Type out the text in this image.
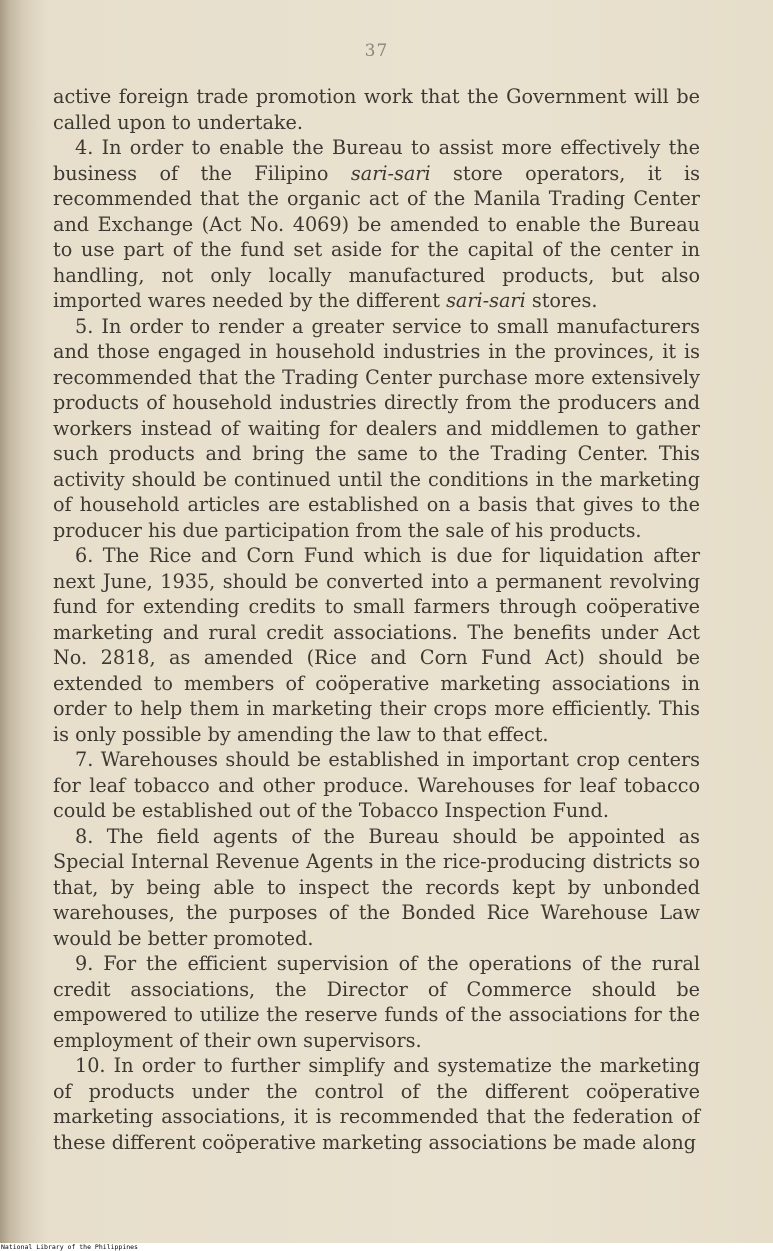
37

active foreign trade promotion work that the Government will be called upon to undertake.

4. In order to enable the Bureau to assist more effectively the business of the Filipino sari-sari store operators, it is recommended that the organic act of the Manila Trading Center and Exchange (Act No. 4069) be amended to enable the Bureau to use part of the fund set aside for the capital of the center in handling, not only locally manufactured products, but also imported wares needed by the different sari-sari stores.

5. In order to render a greater service to small manufacturers and those engaged in household industries in the provinces, it is recommended that the Trading Center purchase more extensively products of household industries directly from the producers and workers instead of waiting for dealers and middlemen to gather such products and bring the same to the Trading Center. This activity should be continued until the conditions in the marketing of household articles are established on a basis that gives to the producer his due participation from the sale of his products.

6. The Rice and Corn Fund which is due for liquidation after next June, 1935, should be converted into a permanent revolving fund for extending credits to small farmers through coöperative marketing and rural credit associations. The benefits under Act No. 2818, as amended (Rice and Corn Fund Act) should be extended to members of coöperative marketing associations in order to help them in marketing their crops more efficiently. This is only possible by amending the law to that effect.

7. Warehouses should be established in important crop centers for leaf tobacco and other produce. Warehouses for leaf tobacco could be established out of the Tobacco Inspection Fund.

8. The field agents of the Bureau should be appointed as Special Internal Revenue Agents in the rice-producing districts so that, by being able to inspect the records kept by unbonded warehouses, the purposes of the Bonded Rice Warehouse Law would be better promoted.

9. For the efficient supervision of the operations of the rural credit associations, the Director of Commerce should be empowered to utilize the reserve funds of the associations for the employment of their own supervisors.

10. In order to further simplify and systematize the marketing of products under the control of the different coöperative marketing associations, it is recommended that the federation of these different coöperative marketing associations be made along

National Library of the Philippines
